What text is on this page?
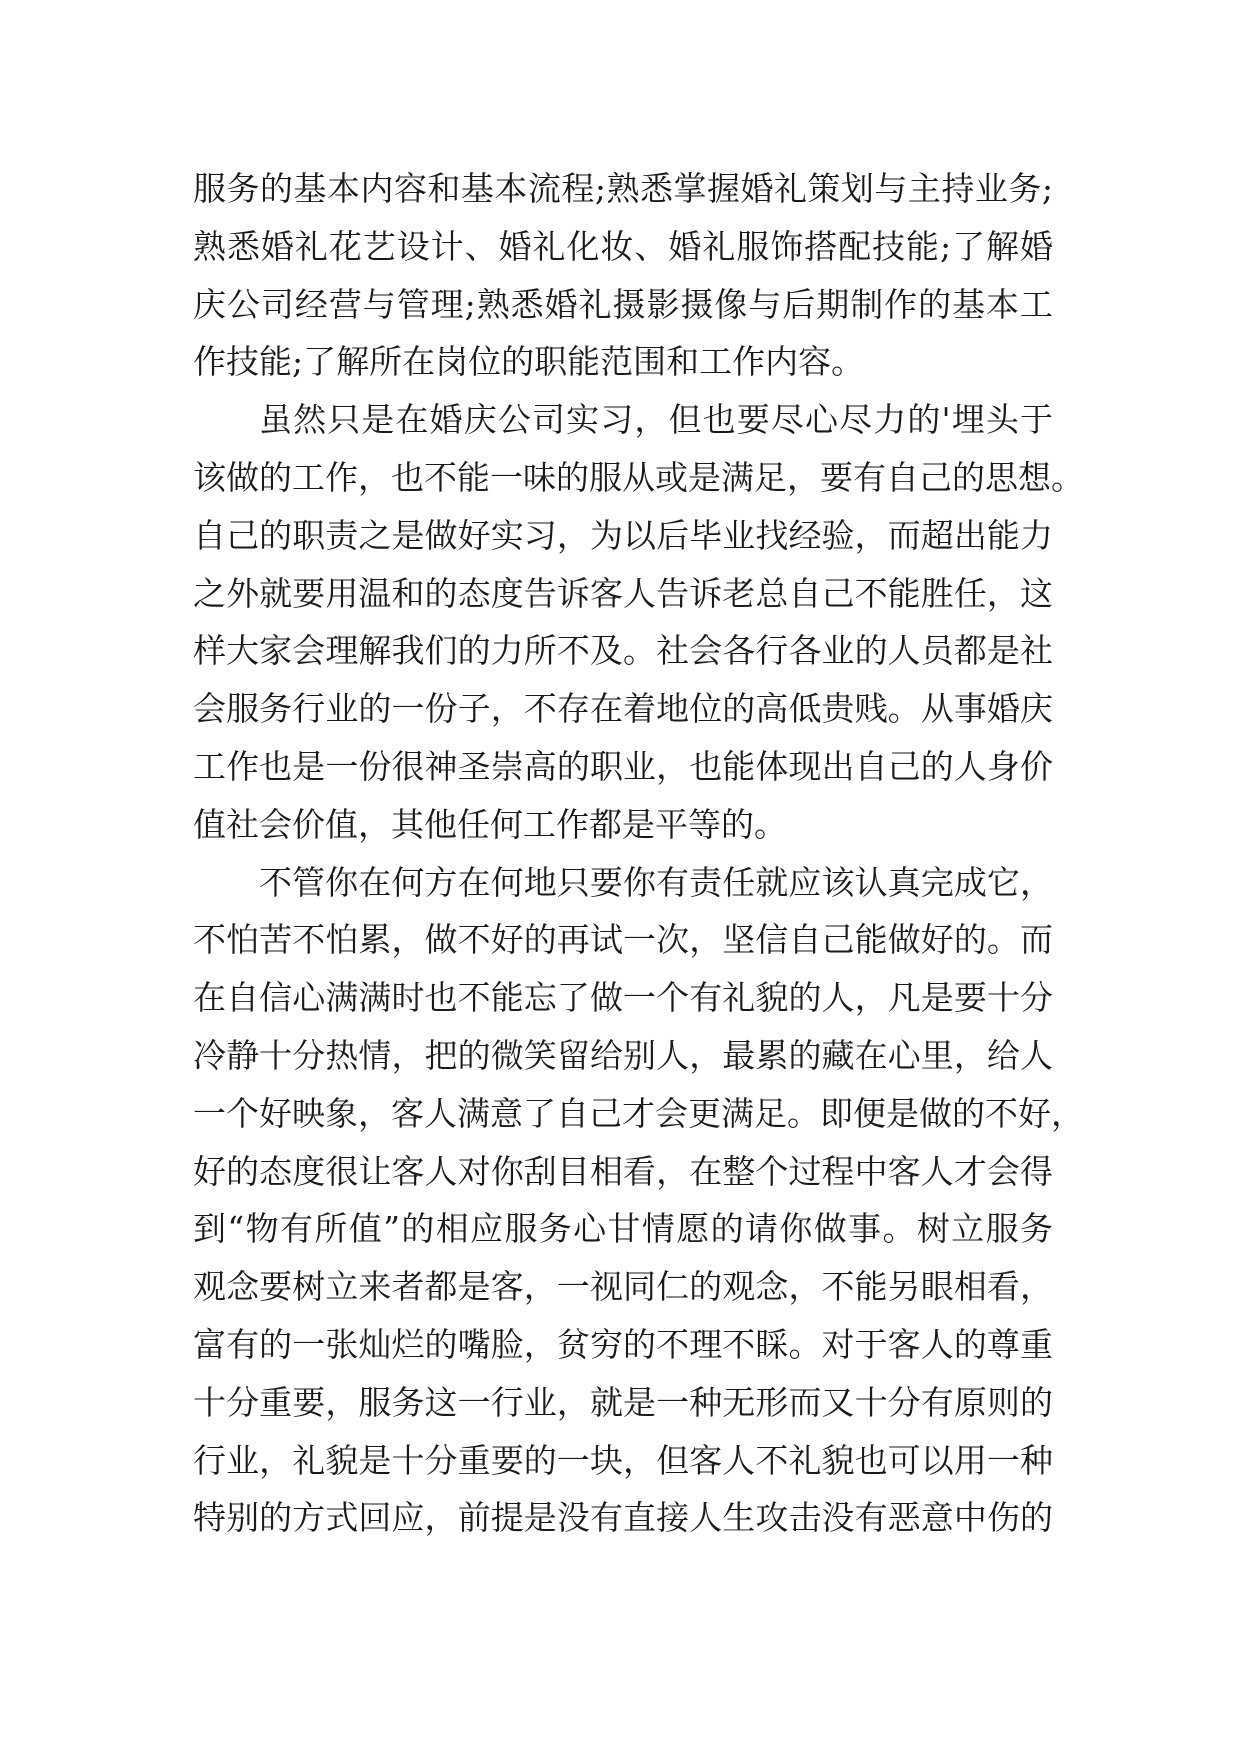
服务的基本内容和基本流程;熟悉掌握婚礼策划与主持业务;
熟悉婚礼花艺设计、婚礼化妆、婚礼服饰搭配技能;了解婚
庆公司经营与管理;熟悉婚礼摄影摄像与后期制作的基本工
作技能;了解所在岗位的职能范围和工作内容。
虽然只是在婚庆公司实习，但也要尽心尽力的'埋头于
该做的工作，也不能一味的服从或是满足，要有自己的思想。
自己的职责之是做好实习，为以后毕业找经验，而超出能力
之外就要用温和的态度告诉客人告诉老总自己不能胜任，这
样大家会理解我们的力所不及。社会各行各业的人员都是社
会服务行业的一份子，不存在着地位的高低贵贱。从事婚庆
工作也是一份很神圣崇高的职业，也能体现出自己的人身价
值社会价值，其他任何工作都是平等的。
不管你在何方在何地只要你有责任就应该认真完成它，
不怕苦不怕累，做不好的再试一次，坚信自己能做好的。而
在自信心满满时也不能忘了做一个有礼貌的人，凡是要十分
冷静十分热情，把的微笑留给别人，最累的藏在心里，给人
一个好映象，客人满意了自己才会更满足。即便是做的不好，
好的态度很让客人对你刮目相看，在整个过程中客人才会得
到“物有所值”的相应服务心甘情愿的请你做事。树立服务
观念要树立来者都是客，一视同仁的观念，不能另眼相看，
富有的一张灿烂的嘴脸，贫穷的不理不睬。对于客人的尊重
十分重要，服务这一行业，就是一种无形而又十分有原则的
行业，礼貌是十分重要的一块，但客人不礼貌也可以用一种
特别的方式回应，前提是没有直接人生攻击没有恶意中伤的
